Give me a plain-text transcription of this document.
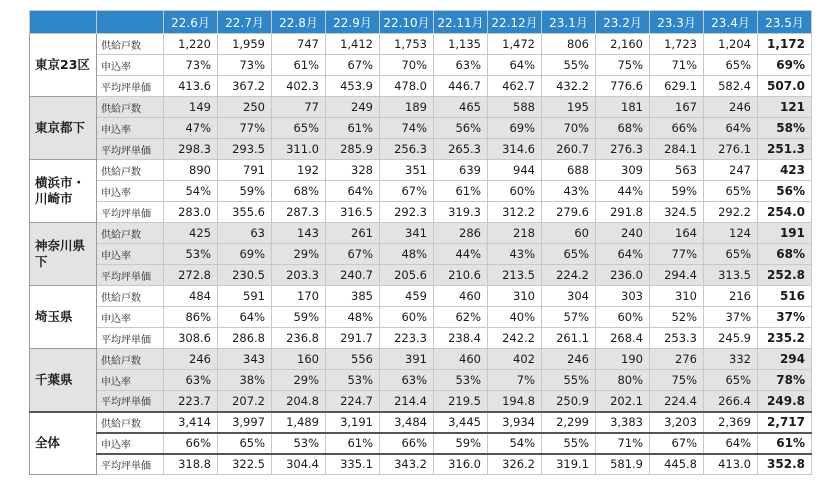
		22.6月	22.7月	22.8月	22.9月	22.10月	22.11月	22.12月	23.1月	23.2月	23.3月	23.4月	23.5月
東京23区	供給戸数	1,220	1,959	747	1,412	1,753	1,135	1,472	806	2,160	1,723	1,204	1,172
	申込率	73%	73%	61%	67%	70%	63%	64%	55%	75%	71%	65%	69%
	平均坪単価	413.6	367.2	402.3	453.9	478.0	446.7	462.7	432.2	776.6	629.1	582.4	507.0
東京都下	供給戸数	149	250	77	249	189	465	588	195	181	167	246	121
	申込率	47%	77%	65%	61%	74%	56%	69%	70%	68%	66%	64%	58%
	平均坪単価	298.3	293.5	311.0	285.9	256.3	265.3	314.6	260.7	276.3	284.1	276.1	251.3
横浜市・
川崎市	供給戸数	890	791	192	328	351	639	944	688	309	563	247	423
	申込率	54%	59%	68%	64%	67%	61%	60%	43%	44%	59%	65%	56%
	平均坪単価	283.0	355.6	287.3	316.5	292.3	319.3	312.2	279.6	291.8	324.5	292.2	254.0
神奈川県下	供給戸数	425	63	143	261	341	286	218	60	240	164	124	191
	申込率	53%	69%	29%	67%	48%	44%	43%	65%	64%	77%	65%	68%
	平均坪単価	272.8	230.5	203.3	240.7	205.6	210.6	213.5	224.2	236.0	294.4	313.5	252.8
埼玉県	供給戸数	484	591	170	385	459	460	310	304	303	310	216	516
	申込率	86%	64%	59%	48%	60%	62%	40%	57%	60%	52%	37%	37%
	平均坪単価	308.6	286.8	236.8	291.7	223.3	238.4	242.2	261.1	268.4	253.3	245.9	235.2
千葉県	供給戸数	246	343	160	556	391	460	402	246	190	276	332	294
	申込率	63%	38%	29%	53%	63%	53%	7%	55%	80%	75%	65%	78%
	平均坪単価	223.7	207.2	204.8	224.7	214.4	219.5	194.8	250.9	202.1	224.4	266.4	249.8
全体	供給戸数	3,414	3,997	1,489	3,191	3,484	3,445	3,934	2,299	3,383	3,203	2,369	2,717
	申込率	66%	65%	53%	61%	66%	59%	54%	55%	71%	67%	64%	61%
	平均坪単価	318.8	322.5	304.4	335.1	343.2	316.0	326.2	319.1	581.9	445.8	413.0	352.8
